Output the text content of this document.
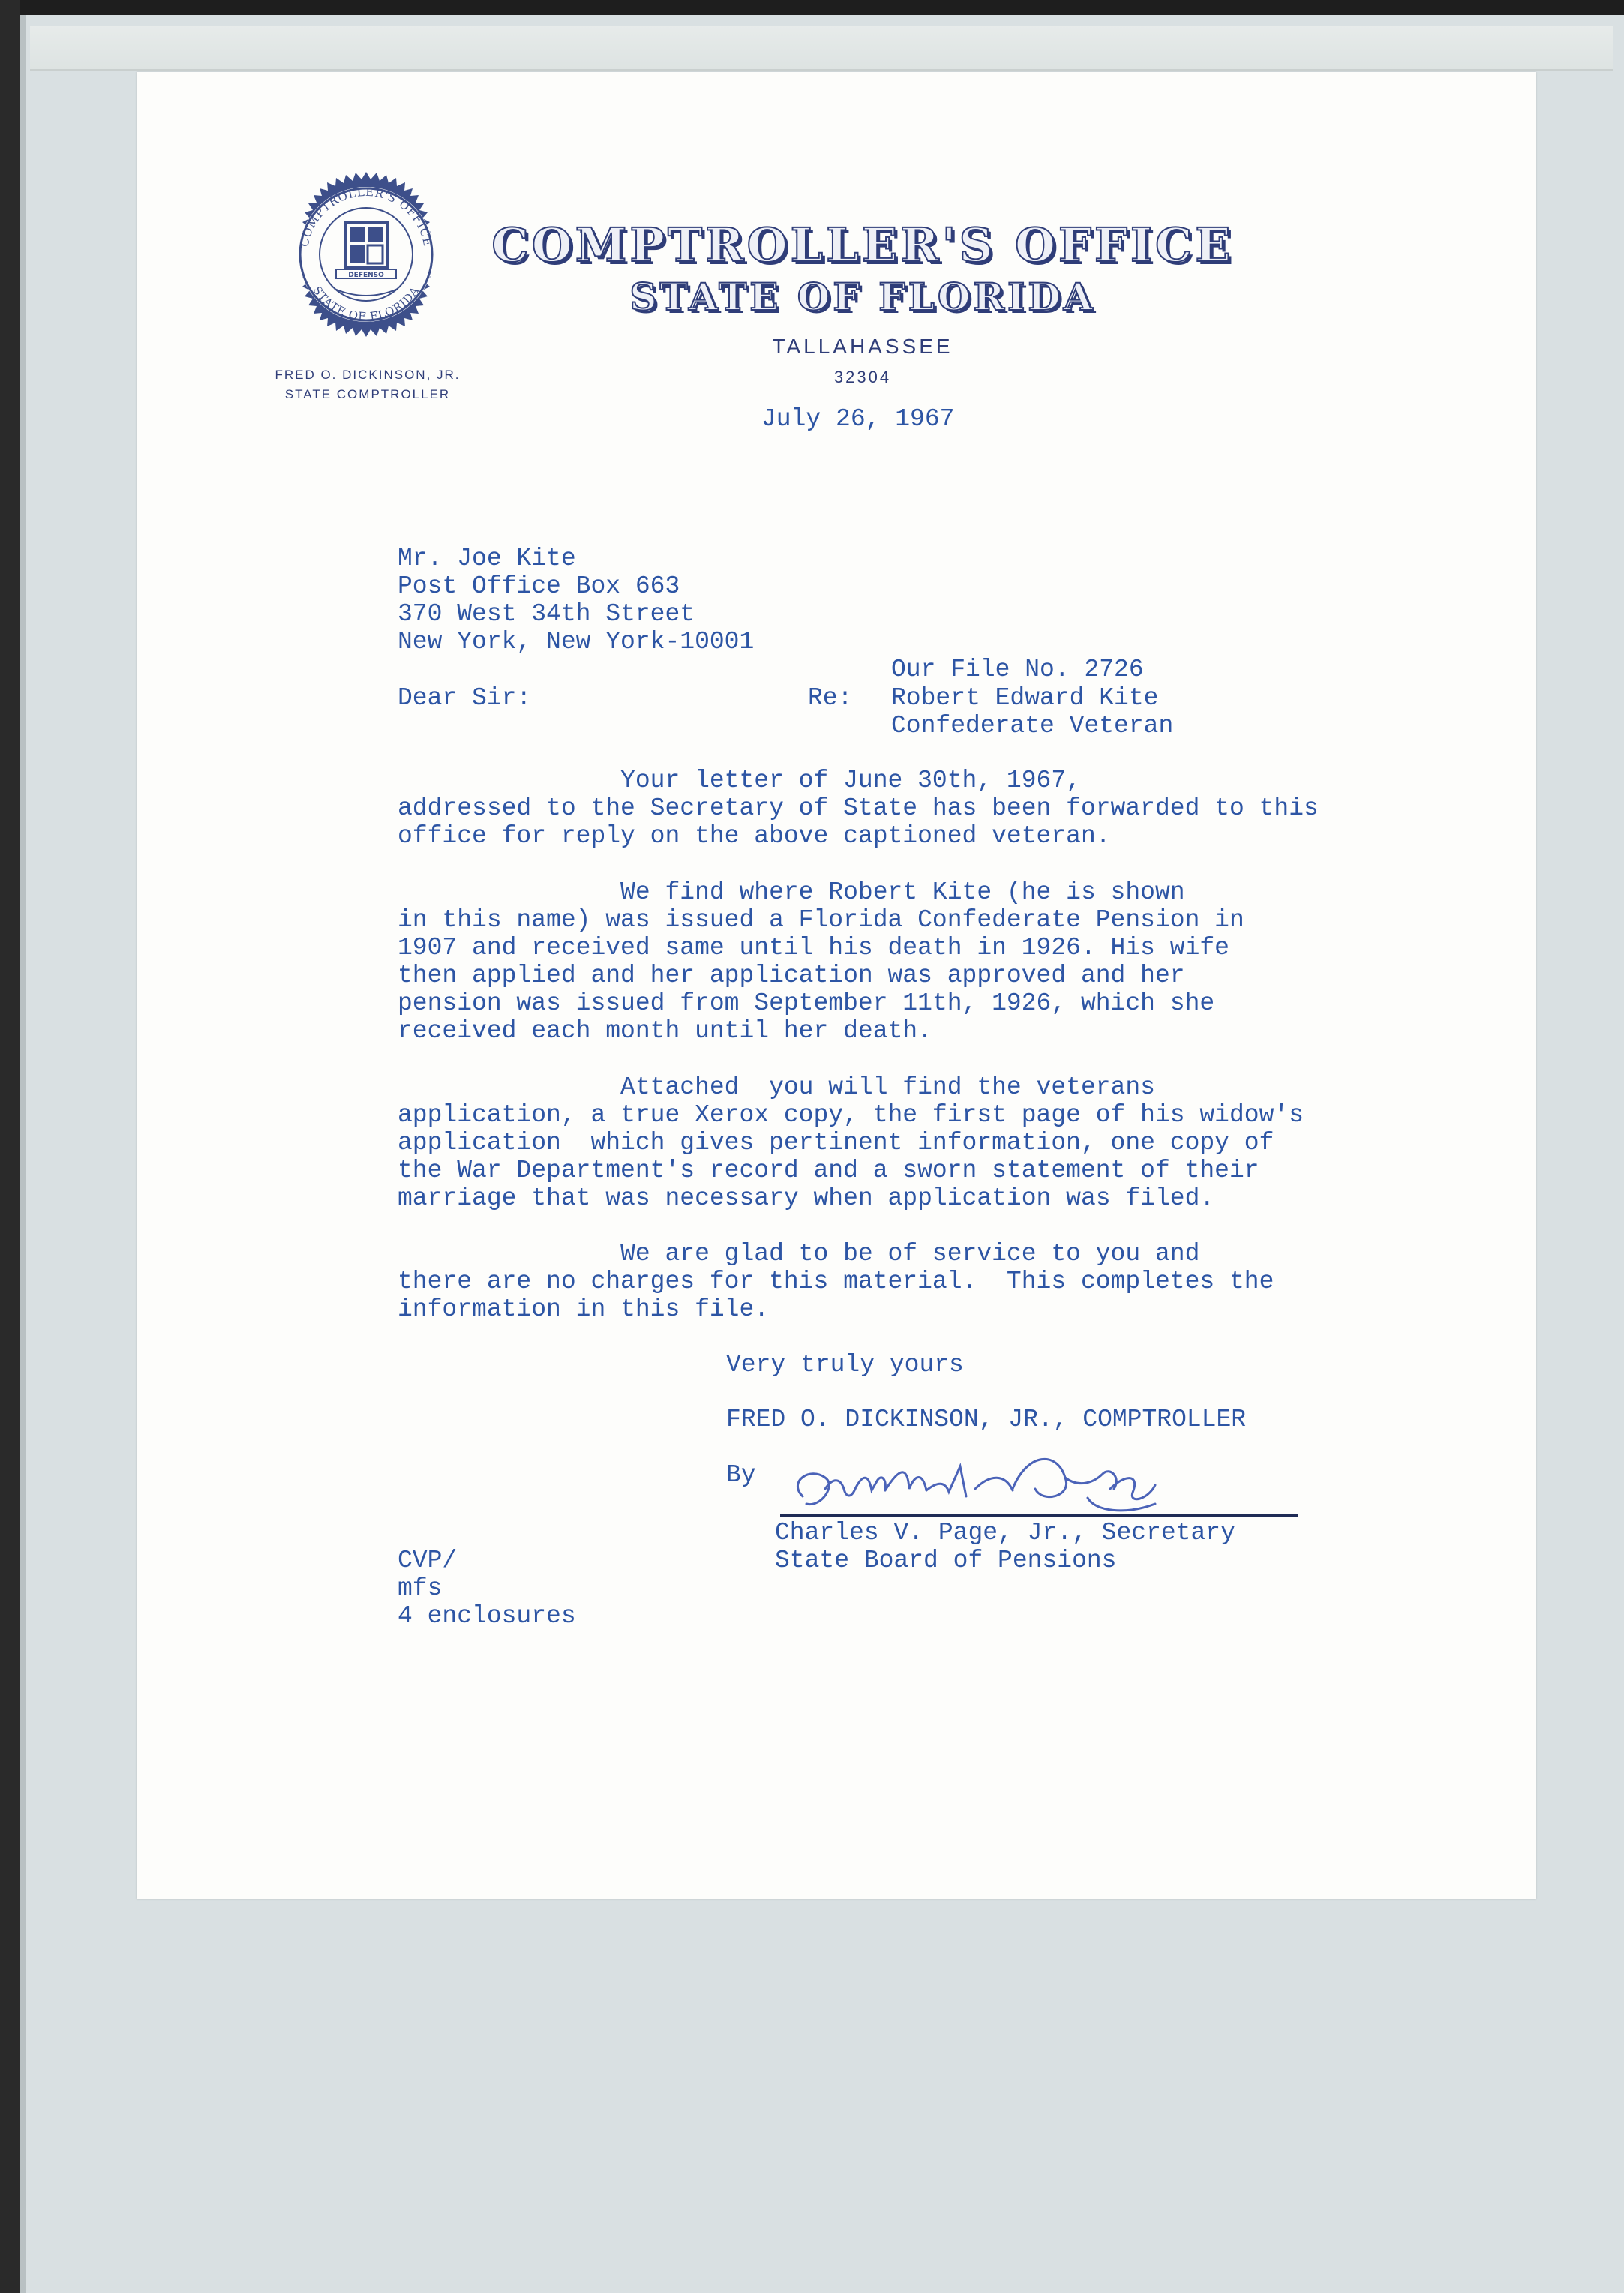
COMPTROLLER'S OFFICE
STATE OF FLORIDA
DEFENSO
COMPTROLLER'S OFFICE
STATE OF FLORIDA
TALLAHASSEE
32304
FRED O. DICKINSON, JR.
STATE COMPTROLLER
July 26, 1967
Mr. Joe Kite
Post Office Box 663
370 West 34th Street
New York, New York-10001
Our File No. 2726
Dear Sir:	Re: Robert Edward Kite
Confederate Veteran
Your letter of June 30th, 1967,
addressed to the Secretary of State has been forwarded to this
office for reply on the above captioned veteran.
We find where Robert Kite (he is shown
in this name) was issued a Florida Confederate Pension in
1907 and received same until his death in 1926. His wife
then applied and her application was approved and her
pension was issued from September 11th, 1926, which she
received each month until her death.
Attached  you will find the veterans
application, a true Xerox copy, the first page of his widow's
application  which gives pertinent information, one copy of
the War Department's record and a sworn statement of their
marriage that was necessary when application was filed.
We are glad to be of service to you and
there are no charges for this material.  This completes the
information in this file.
Very truly yours
FRED O. DICKINSON, JR., COMPTROLLER
By
Charles V. Page, Jr., Secretary
State Board of Pensions
CVP/
mfs
4 enclosures
